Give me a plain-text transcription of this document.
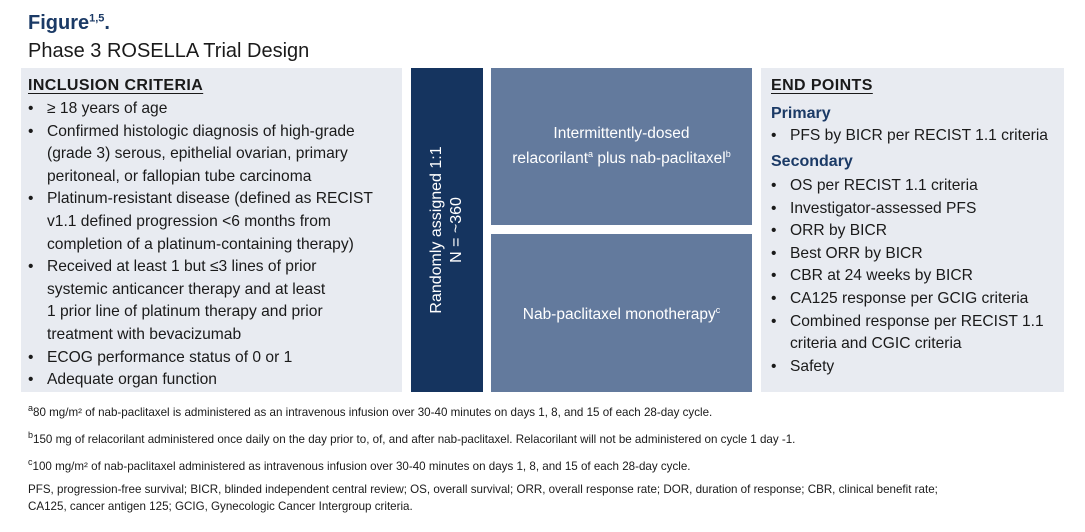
Figure$^{1,5}$.
Phase 3 ROSELLA Trial Design
INCLUSION CRITERIA
• ≥ 18 years of age
• Confirmed histologic diagnosis of high-grade
(grade 3) serous, epithelial ovarian, primary
peritoneal, or fallopian tube carcinoma
• Platinum-resistant disease (defined as RECIST
v1.1 defined progression <6 months from
completion of a platinum-containing therapy)
• Received at least 1 but ≤3 lines of prior
systemic anticancer therapy and at least
1 prior line of platinum therapy and prior
treatment with bevacizumab
• ECOG performance status of 0 or 1
• Adequate organ function
Randomly assigned 1:1 N = ~360
Intermittently-dosed
relacorilant$^a$ plus nab-paclitaxel$^b$
Nab-paclitaxel monotherapy$^c$
END POINTS
Primary
• PFS by BICR per RECIST 1.1 criteria
Secondary
• OS per RECIST 1.1 criteria
• Investigator-assessed PFS
• ORR by BICR
• Best ORR by BICR
• CBR at 24 weeks by BICR
• CA125 response per GCIG criteria
• Combined response per RECIST 1.1
criteria and CGIC criteria
• Safety
$^a$80 mg/m² of nab-paclitaxel is administered as an intravenous infusion over 30-40 minutes on days 1, 8, and 15 of each 28-day cycle.
$^b$150 mg of relacorilant administered once daily on the day prior to, of, and after nab-paclitaxel. Relacorilant will not be administered on cycle 1 day -1.
$^c$100 mg/m² of nab-paclitaxel administered as intravenous infusion over 30-40 minutes on days 1, 8, and 15 of each 28-day cycle.
PFS, progression-free survival; BICR, blinded independent central review; OS, overall survival; ORR, overall response rate; DOR, duration of response; CBR, clinical benefit rate;
CA125, cancer antigen 125; GCIG, Gynecologic Cancer Intergroup criteria.
